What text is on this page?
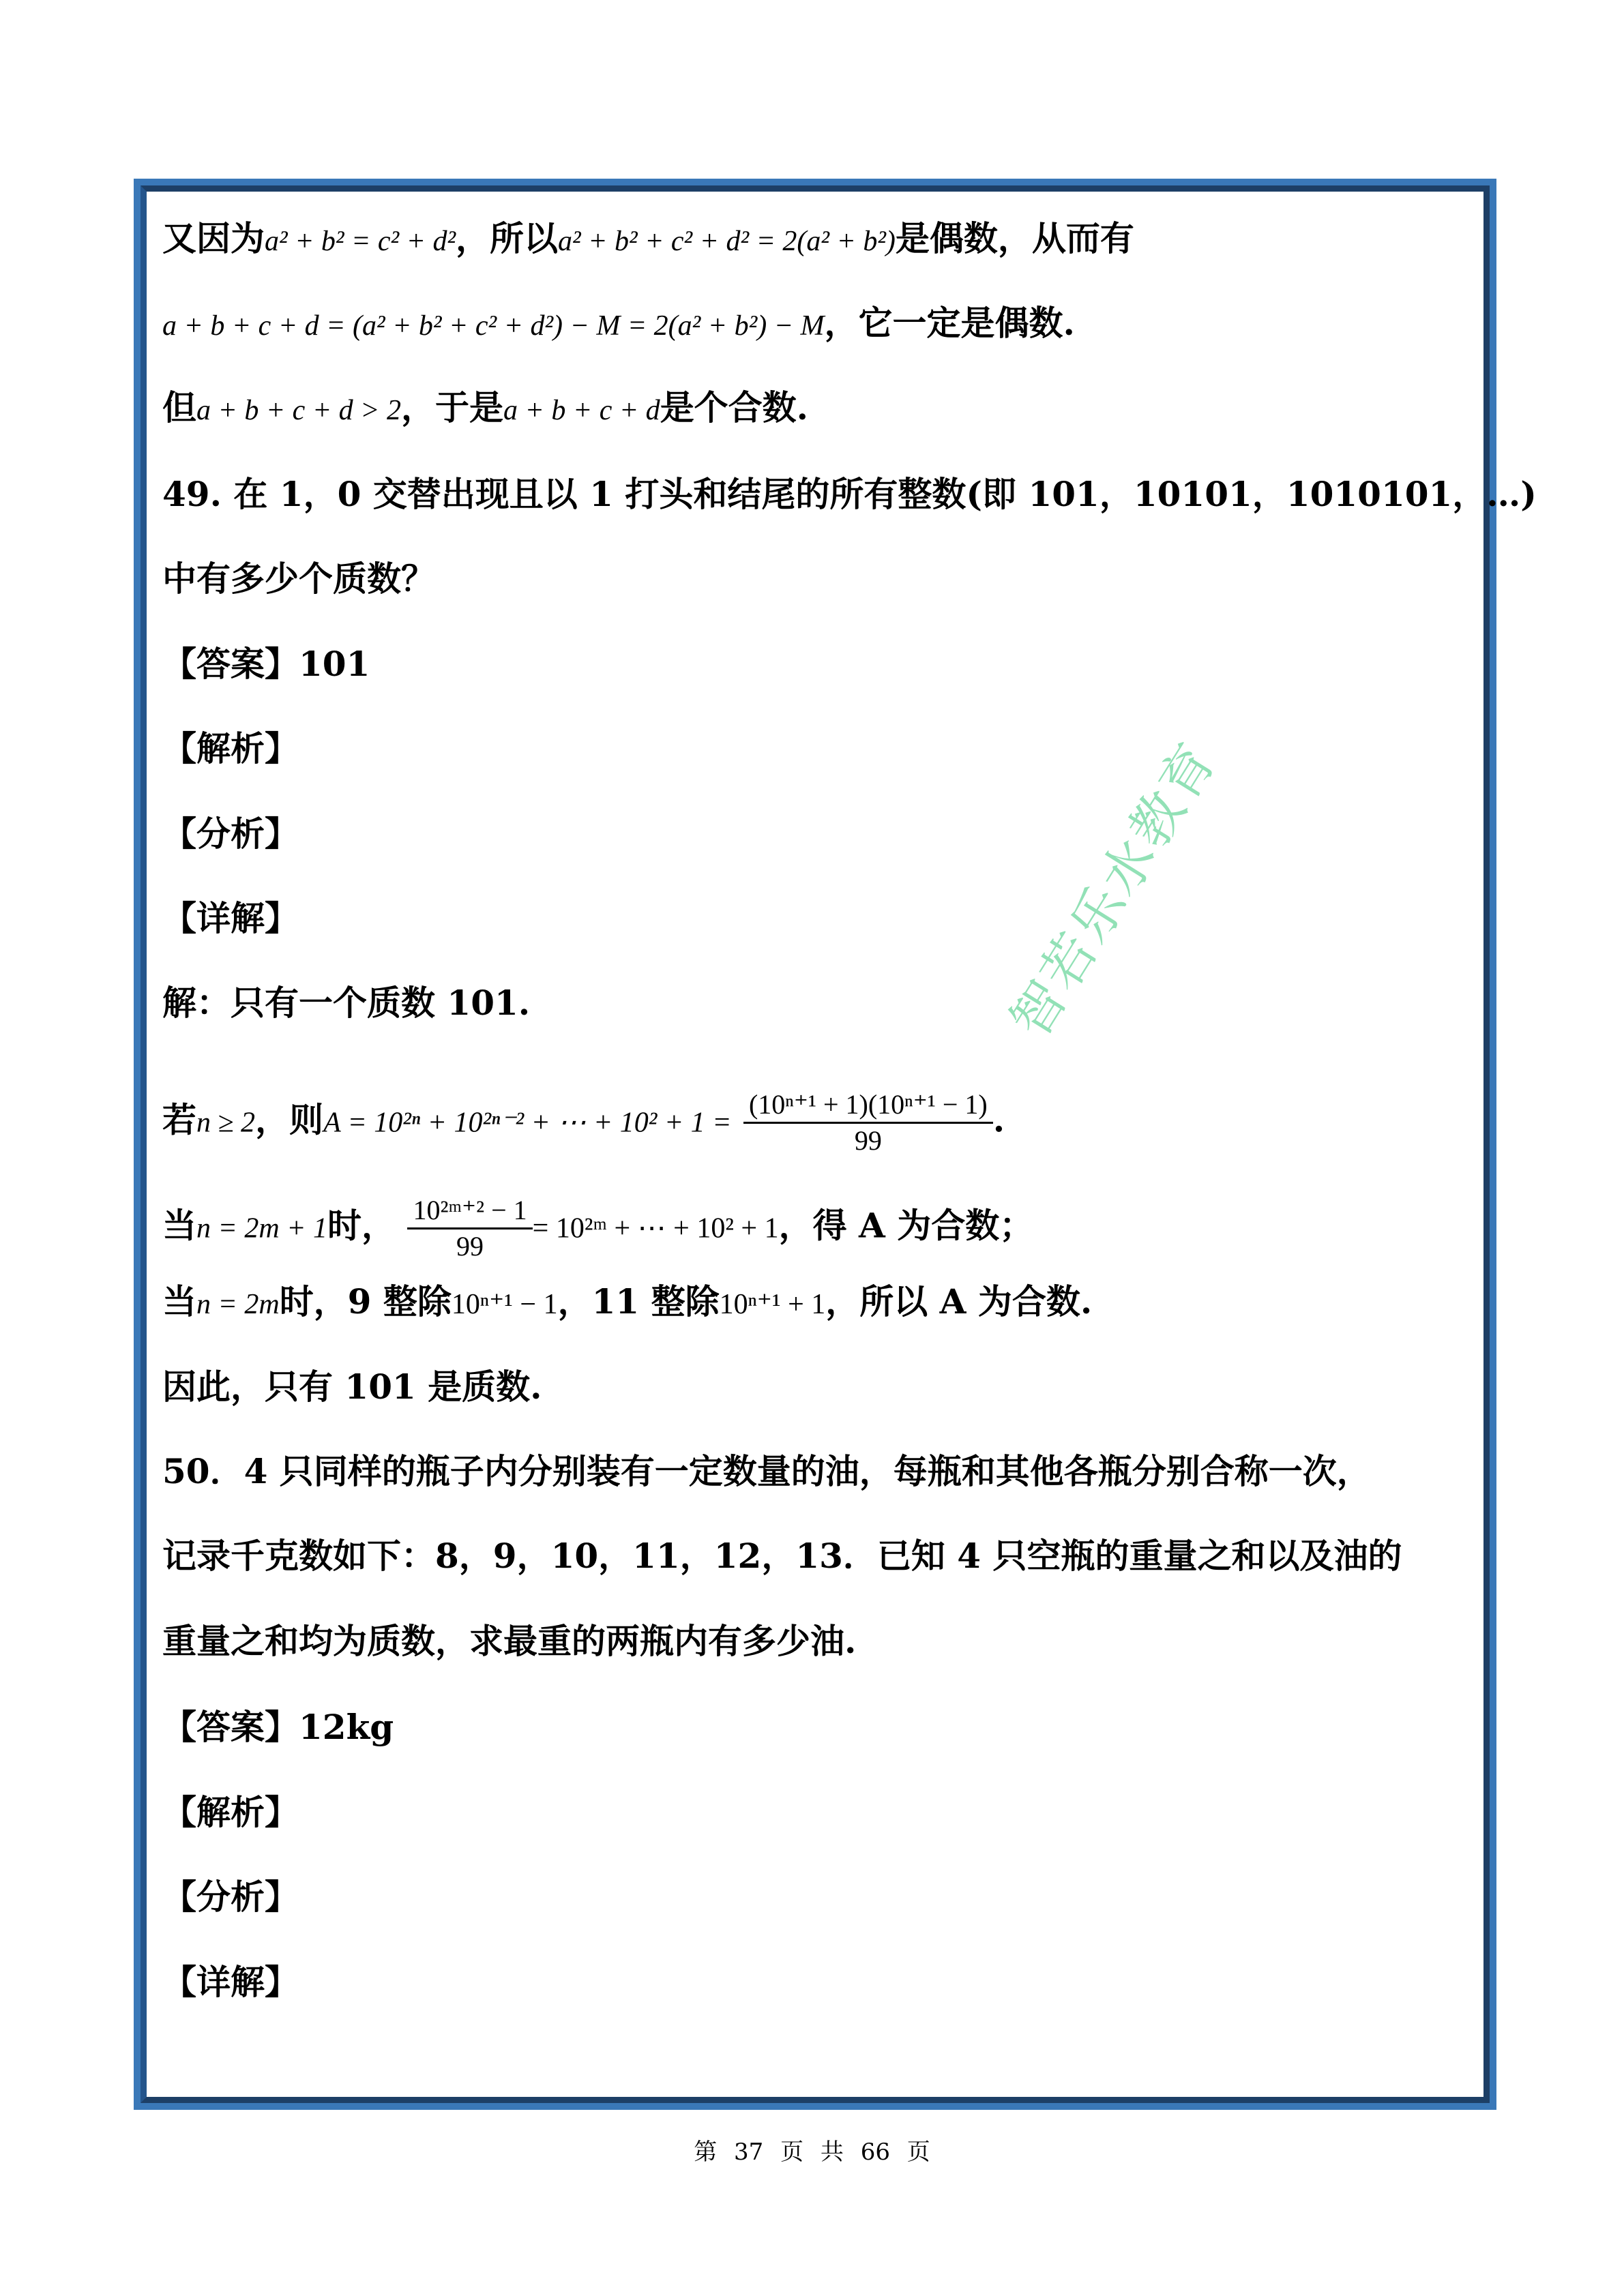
又因为a² + b² = c² + d²，所以a² + b² + c² + d² = 2(a² + b²)是偶数，从而有
a + b + c + d = (a² + b² + c² + d²) − M = 2(a² + b²) − M，它一定是偶数.
但a + b + c + d > 2，于是a + b + c + d是个合数.
49. 在 1，0 交替出现且以 1 打头和结尾的所有整数(即 101，10101，1010101，…)
中有多少个质数？
【答案】101
【解析】
【分析】
【详解】
解：只有一个质数 101.
若n ≥ 2，则A = 10²ⁿ + 10²ⁿ⁻² + ⋯ + $10^2 + 1 = \frac{\text{(10ⁿ⁺¹ + 1)(10ⁿ⁺¹ − 1)}}{99}$ .
当n = 2m + 1时， $\frac{\text{10²ᵐ⁺² − 1}}{99}$ = 10²ᵐ + ⋯ + 10² + 1，得 A 为合数；
当n = 2m时，9 整除10ⁿ⁺¹ − 1，11 整除10ⁿ⁺¹ + 1，所以 A 为合数.
因此，只有 101 是质数.
50．4 只同样的瓶子内分别装有一定数量的油，每瓶和其他各瓶分别合称一次，
记录千克数如下：8，9，10，11，12，13．已知 4 只空瓶的重量之和以及油的
重量之和均为质数，求最重的两瓶内有多少油.
【答案】12kg
【解析】
【分析】
【详解】
智若乐水教育
第 37 页 共 66 页
